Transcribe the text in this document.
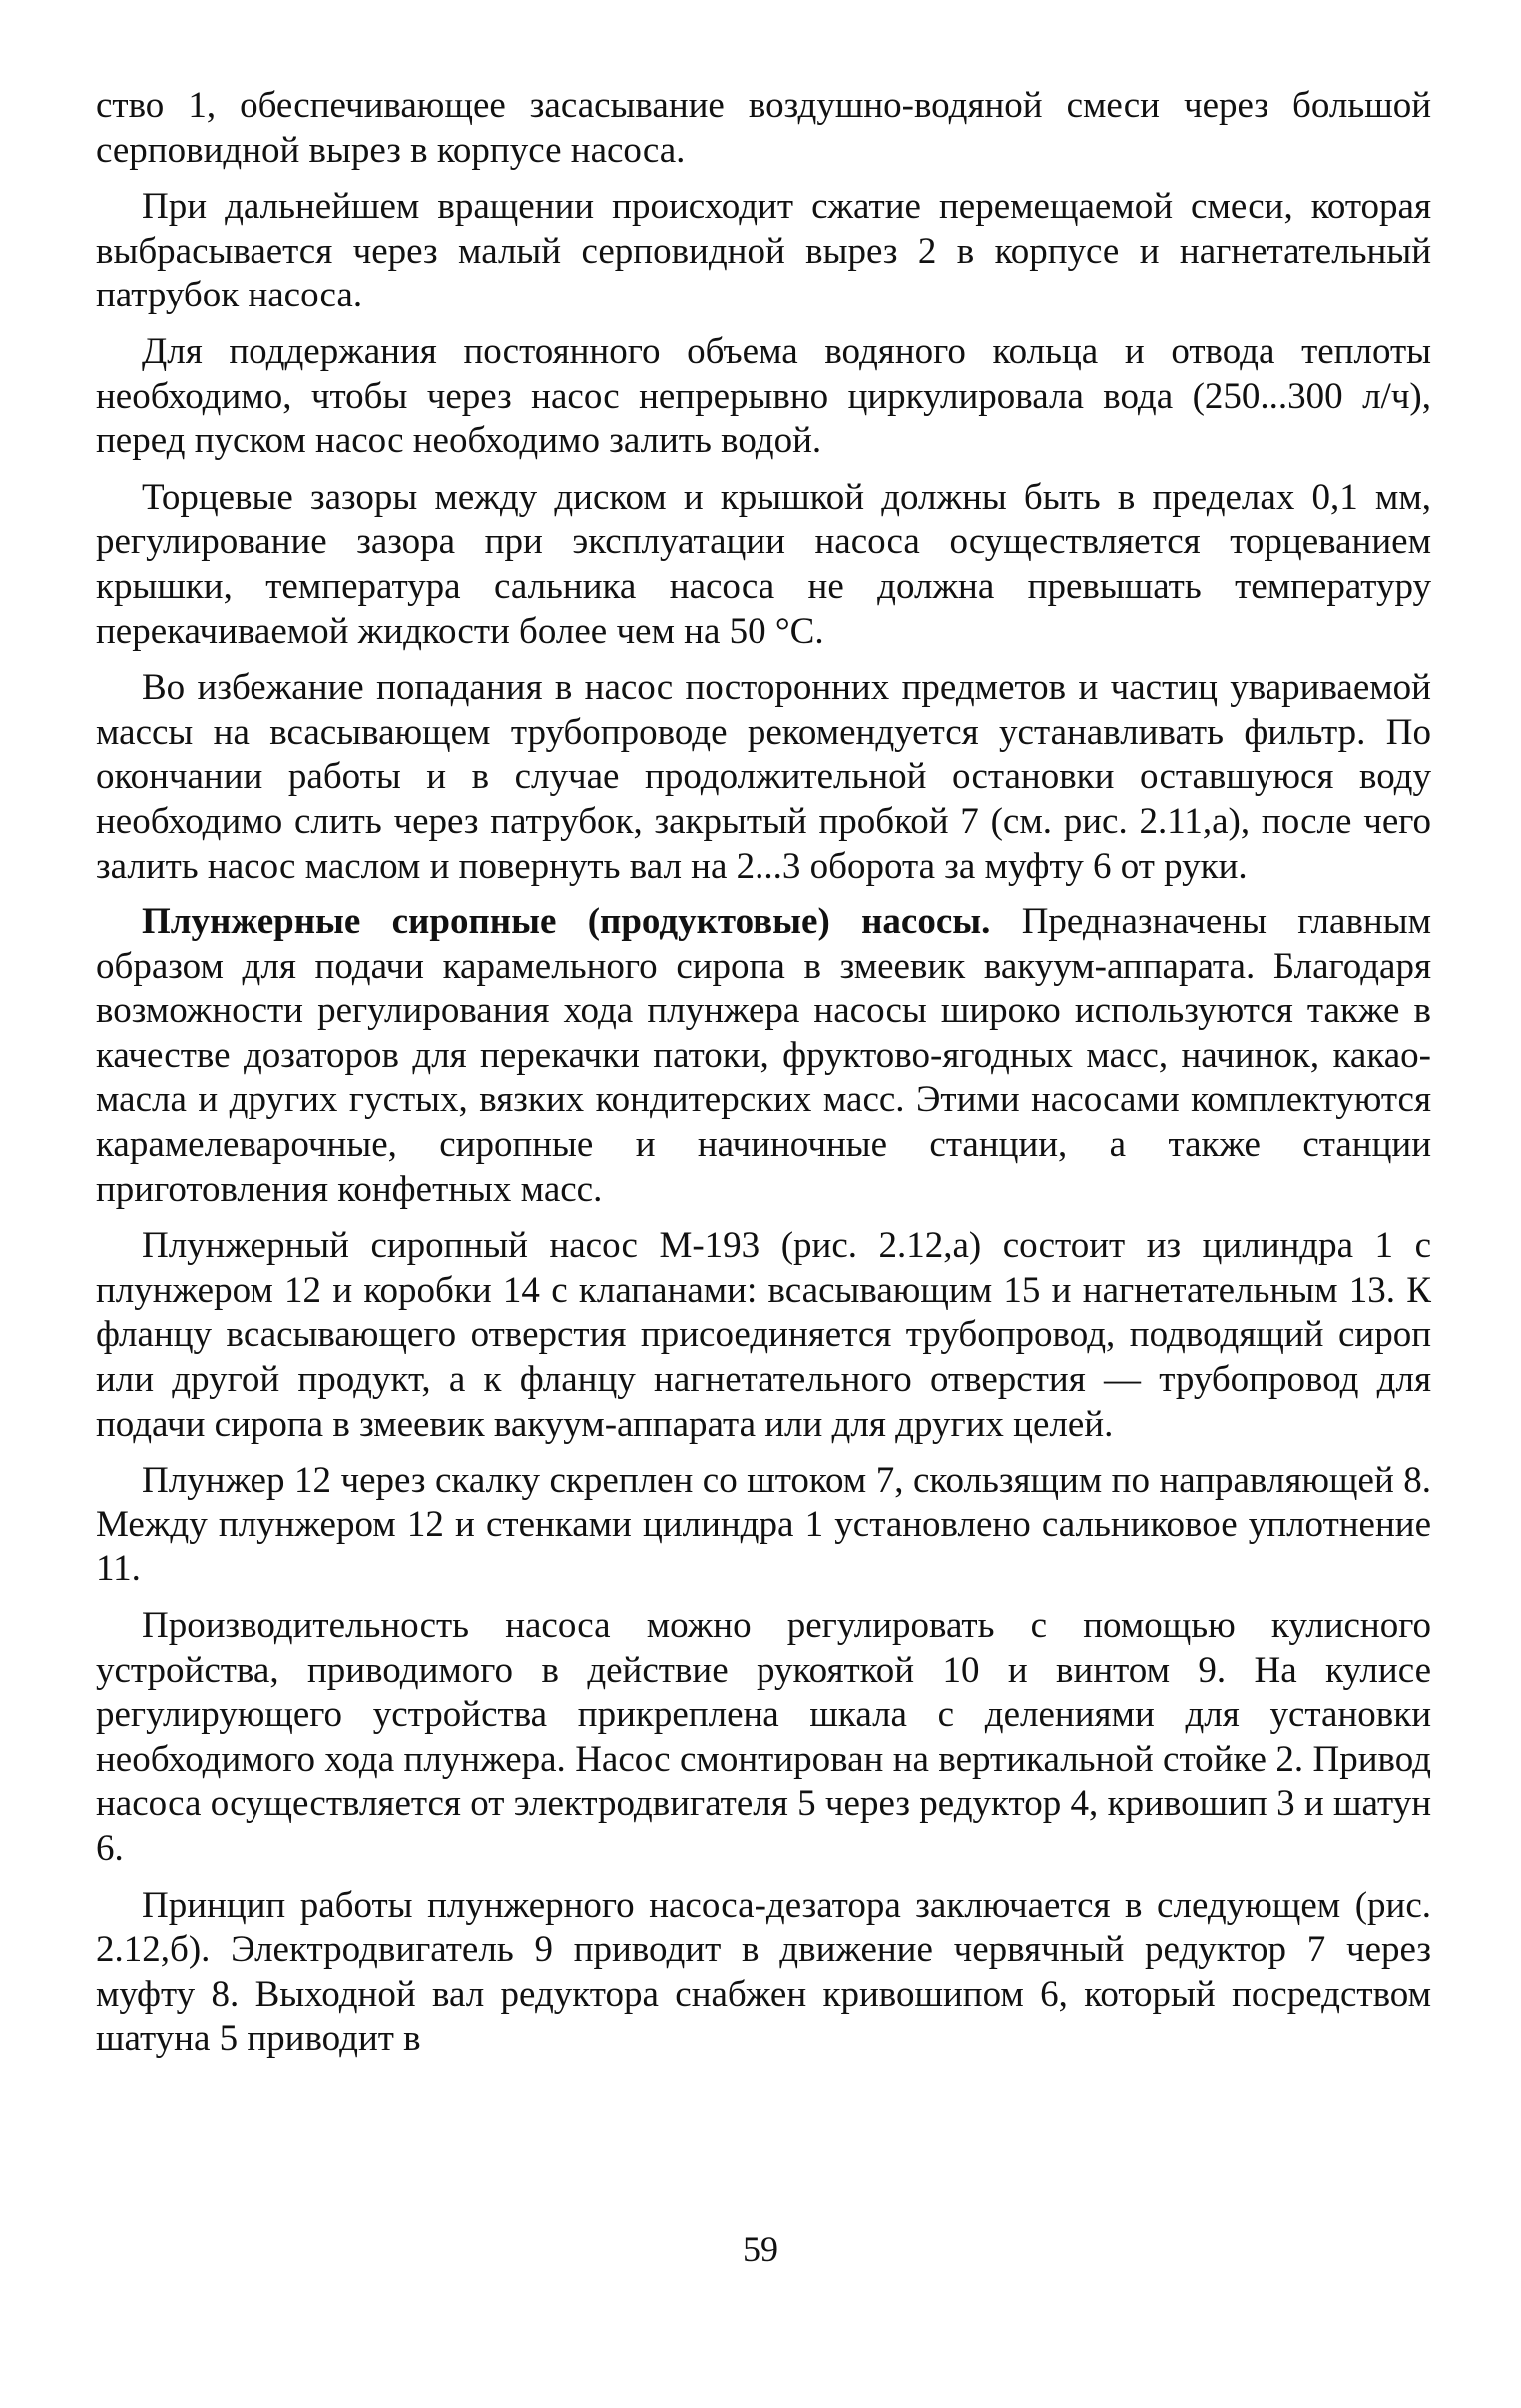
ство 1, обеспечивающее засасывание воздушно-водяной смеси через большой серповидной вырез в корпусе насоса.

При дальнейшем вращении происходит сжатие перемещаемой смеси, которая выбрасывается через малый серповидной вырез 2 в корпусе и нагнетательный патрубок насоса.

Для поддержания постоянного объема водяного кольца и отвода теплоты необходимо, чтобы через насос непрерывно циркулировала вода (250...300 л/ч), перед пуском насос необходимо залить водой.

Торцевые зазоры между диском и крышкой должны быть в пределах 0,1 мм, регулирование зазора при эксплуатации насоса осуществляется торцеванием крышки, температура сальника насоса не должна превышать температуру перекачиваемой жидкости более чем на 50 °С.

Во избежание попадания в насос посторонних предметов и частиц увариваемой массы на всасывающем трубопроводе рекомендуется устанавливать фильтр. По окончании работы и в случае продолжительной остановки оставшуюся воду необходимо слить через патрубок, закрытый пробкой 7 (см. рис. 2.11,а), после чего залить насос маслом и повернуть вал на 2...3 оборота за муфту 6 от руки.

Плунжерные сиропные (продуктовые) насосы. Предназначены главным образом для подачи карамельного сиропа в змеевик вакуум-аппарата. Благодаря возможности регулирования хода плунжера насосы широко используются также в качестве дозаторов для перекачки патоки, фруктово-ягодных масс, начинок, какао-масла и других густых, вязких кондитерских масс. Этими насосами комплектуются карамелеварочные, сиропные и начиночные станции, а также станции приготовления конфетных масс.

Плунжерный сиропный насос М-193 (рис. 2.12,а) состоит из цилиндра 1 с плунжером 12 и коробки 14 с клапанами: всасывающим 15 и нагнетательным 13. К фланцу всасывающего отверстия присоединяется трубопровод, подводящий сироп или другой продукт, а к фланцу нагнетательного отверстия — трубопровод для подачи сиропа в змеевик вакуум-аппарата или для других целей.

Плунжер 12 через скалку скреплен со штоком 7, скользящим по направляющей 8. Между плунжером 12 и стенками цилиндра 1 установлено сальниковое уплотнение 11.

Производительность насоса можно регулировать с помощью кулисного устройства, приводимого в действие рукояткой 10 и винтом 9. На кулисе регулирующего устройства прикреплена шкала с делениями для установки необходимого хода плунжера. Насос смонтирован на вертикальной стойке 2. Привод насоса осуществляется от электродвигателя 5 через редуктор 4, кривошип 3 и шатун 6.

Принцип работы плунжерного насоса-дезатора заключается в следующем (рис. 2.12,б). Электродвигатель 9 приводит в движение червячный редуктор 7 через муфту 8. Выходной вал редуктора снабжен кривошипом 6, который посредством шатуна 5 приводит в

59
